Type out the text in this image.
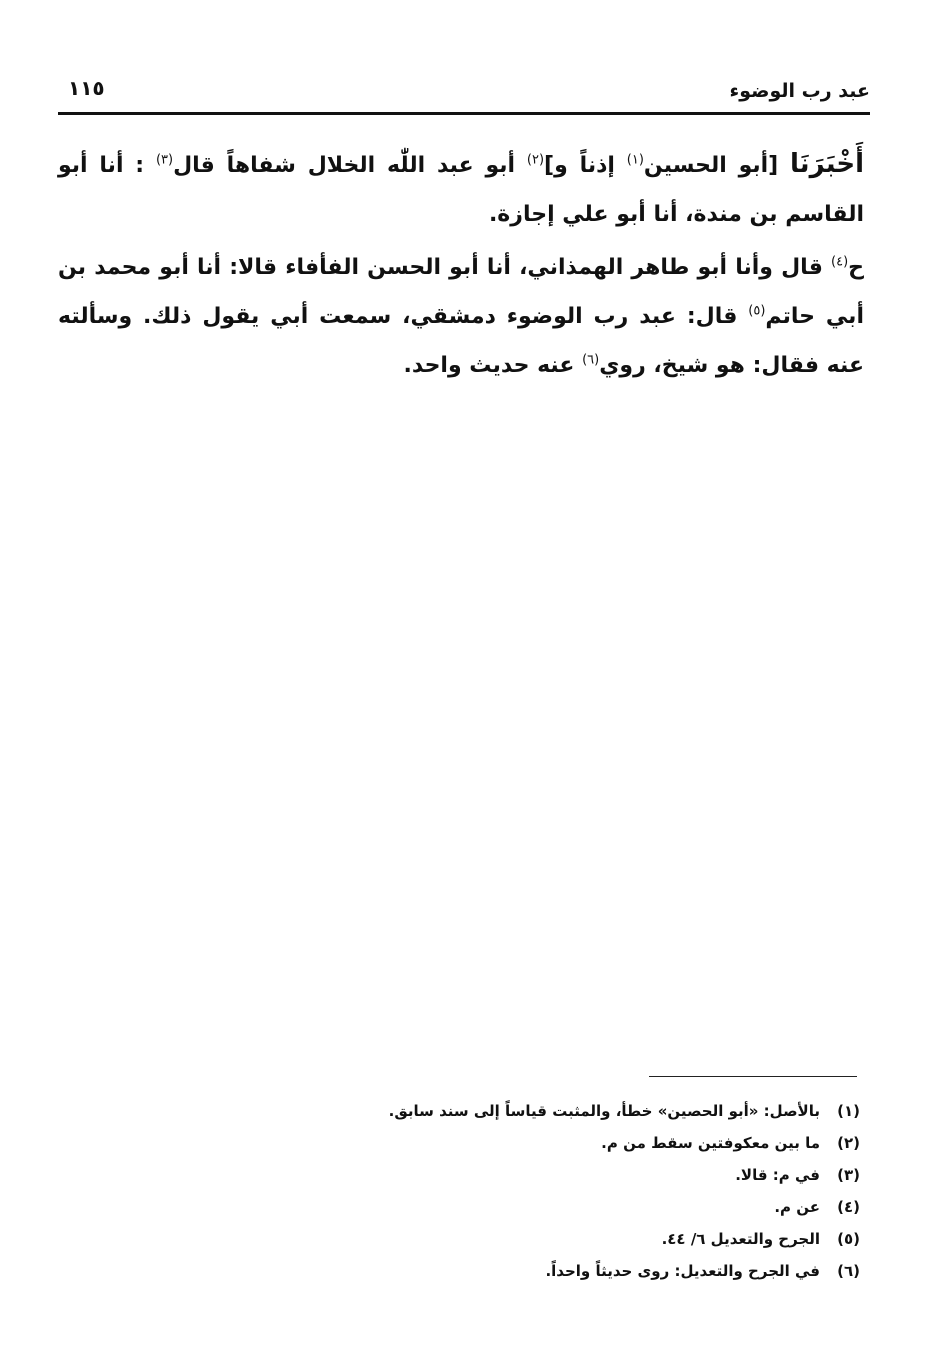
عبد رب الوضوء
١١٥

أَخْبَرَنَا [أبو الحسين$^{(١)}$ إذناً و]$^{(٢)}$ أبو عبد اللّٰه الخلال شفاهاً قال$^{(٣)}$ : أنا أبو القاسم بن مندة، أنا أبو علي إجازة.

ح$^{(٤)}$ قال وأنا أبو طاهر الهمذاني، أنا أبو الحسن الفأفاء قالا: أنا أبو محمد بن أبي حاتم$^{(٥)}$ قال: عبد رب الوضوء دمشقي، سمعت أبي يقول ذلك. وسألته عنه فقال: هو شيخ، روي$^{(٦)}$ عنه حديث واحد.

(١)بالأصل: «أبو الحصين» خطأ، والمثبت قياساً إلى سند سابق.
(٢)ما بين معكوفتين سقط من م.
(٣)في م: قالا.
(٤)عن م.
(٥)الجرح والتعديل ٦/ ٤٤.
(٦)في الجرح والتعديل: روى حديثاً واحداً.
